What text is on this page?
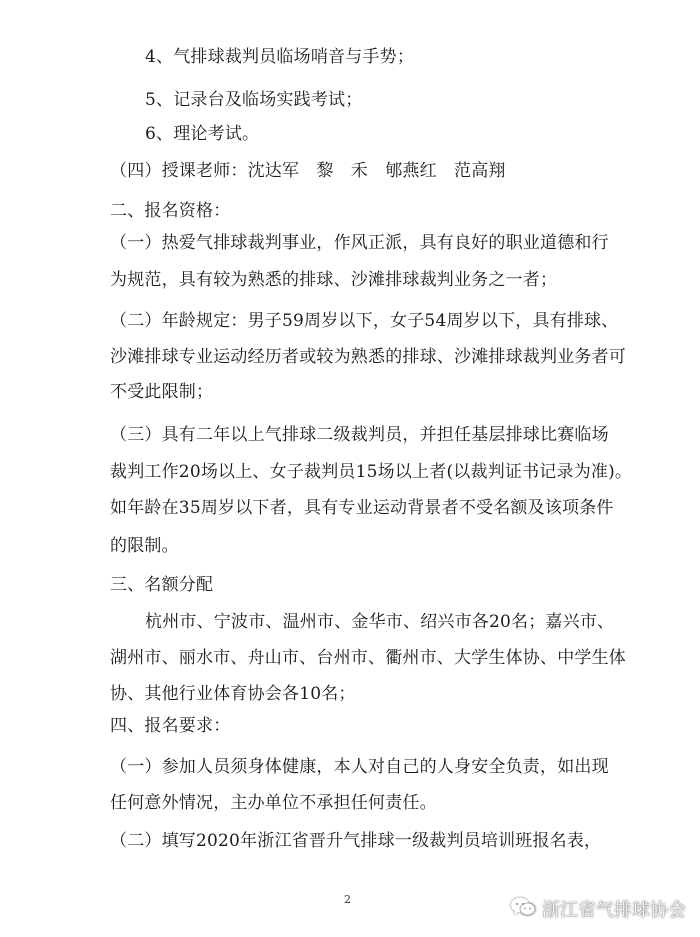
4、气排球裁判员临场哨音与手势；
5、记录台及临场实践考试；
6、理论考试。
（四）授课老师：沈达军　黎　禾　郇燕红　范高翔
二、报名资格：
（一）热爱气排球裁判事业，作风正派，具有良好的职业道德和行
为规范，具有较为熟悉的排球、沙滩排球裁判业务之一者；
（二）年龄规定：男子59周岁以下，女子54周岁以下，具有排球、
沙滩排球专业运动经历者或较为熟悉的排球、沙滩排球裁判业务者可
不受此限制；
（三）具有二年以上气排球二级裁判员，并担任基层排球比赛临场
裁判工作20场以上、女子裁判员15场以上者(以裁判证书记录为准)。
如年龄在35周岁以下者，具有专业运动背景者不受名额及该项条件
的限制。
三、名额分配
杭州市、宁波市、温州市、金华市、绍兴市各20名；嘉兴市、
湖州市、丽水市、舟山市、台州市、衢州市、大学生体协、中学生体
协、其他行业体育协会各10名；
四、报名要求：
（一）参加人员须身体健康，本人对自己的人身安全负责，如出现
任何意外情况，主办单位不承担任何责任。
（二）填写2020年浙江省晋升气排球一级裁判员培训班报名表，
2
浙江省气排球协会
